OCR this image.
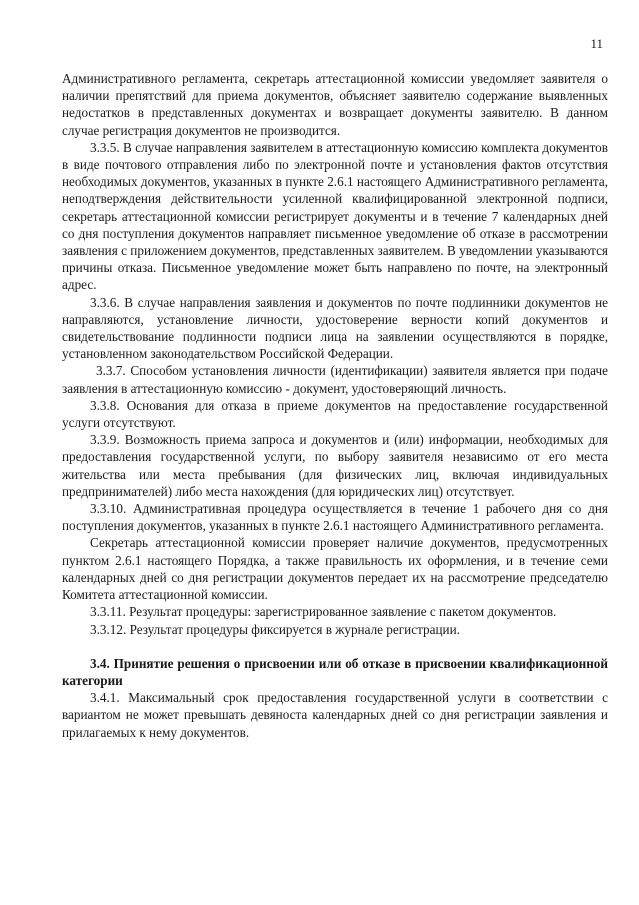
11

Административного регламента, секретарь аттестационной комиссии уведомляет заявителя о наличии препятствий для приема документов, объясняет заявителю содержание выявленных недостатков в представленных документах и возвращает документы заявителю. В данном случае регистрация документов не производится.

3.3.5. В случае направления заявителем в аттестационную комиссию комплекта документов в виде почтового отправления либо по электронной почте и установления фактов отсутствия необходимых документов, указанных в пункте 2.6.1 настоящего Административного регламента, неподтверждения действительности усиленной квалифицированной электронной подписи, секретарь аттестационной комиссии регистрирует документы и в течение 7 календарных дней со дня поступления документов направляет письменное уведомление об отказе в рассмотрении заявления с приложением документов, представленных заявителем. В уведомлении указываются причины отказа. Письменное уведомление может быть направлено по почте, на электронный адрес.

3.3.6. В случае направления заявления и документов по почте подлинники документов не направляются, установление личности, удостоверение верности копий документов и свидетельствование подлинности подписи лица на заявлении осуществляются в порядке, установленном законодательством Российской Федерации.

3.3.7. Способом установления личности (идентификации) заявителя является при подаче заявления в аттестационную комиссию - документ, удостоверяющий личность.

3.3.8. Основания для отказа в приеме документов на предоставление государственной услуги отсутствуют.

3.3.9. Возможность приема запроса и документов и (или) информации, необходимых для предоставления государственной услуги, по выбору заявителя независимо от его места жительства или места пребывания (для физических лиц, включая индивидуальных предпринимателей) либо места нахождения (для юридических лиц) отсутствует.

3.3.10. Административная процедура осуществляется в течение 1 рабочего дня со дня поступления документов, указанных в пункте 2.6.1 настоящего Административного регламента.

Секретарь аттестационной комиссии проверяет наличие документов, предусмотренных пунктом 2.6.1 настоящего Порядка, а также правильность их оформления, и в течение семи календарных дней со дня регистрации документов передает их на рассмотрение председателю Комитета аттестационной комиссии.

3.3.11. Результат процедуры: зарегистрированное заявление с пакетом документов.

3.3.12. Результат процедуры фиксируется в журнале регистрации.

3.4. Принятие решения о присвоении или об отказе в присвоении квалификационной категории

3.4.1. Максимальный срок предоставления государственной услуги в соответствии с вариантом не может превышать девяноста календарных дней со дня регистрации заявления и прилагаемых к нему документов.
